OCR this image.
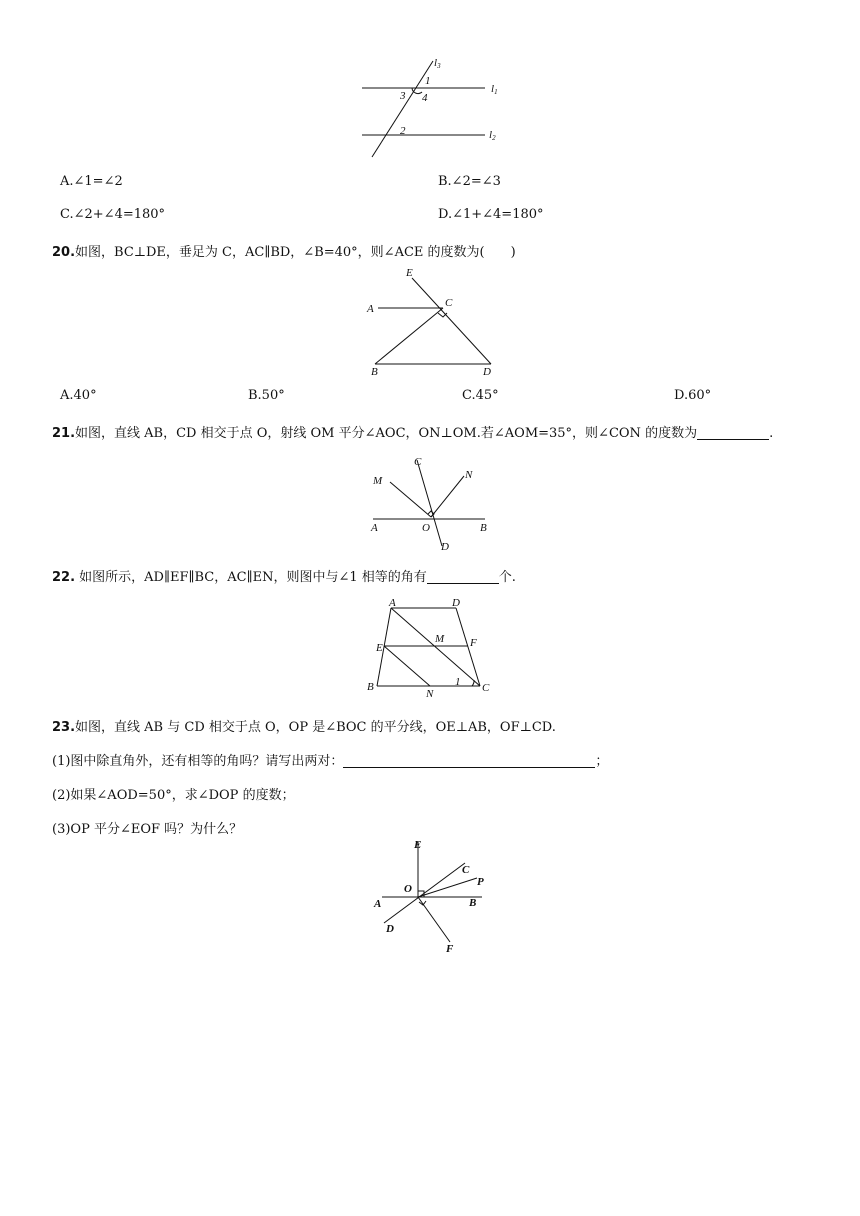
l3
1
3 4
l1
2	l2
A.∠1=∠2	B.∠2=∠3
C.∠2+∠4=180°	D.∠1+∠4=180°
20.如图，BC⊥DE，垂足为 C，AC∥BD，∠B=40°，则∠ACE 的度数为(　　)
E
A	C
B	D
A.40°	B.50°	C.45°	D.60°
21.如图，直线 AB，CD 相交于点 O，射线 OM 平分∠AOC，ON⊥OM.若∠AOM=35°，则∠CON 的度数为	.
M
C
N
A	O	B
D
22. 如图所示，AD∥EF∥BC，AC∥EN，则图中与∠1 相等的角有	个.
A	D
M F
E
B
N
1 C
23.如图，直线 AB 与 CD 相交于点 O，OP 是∠BOC 的平分线，OE⊥AB，OF⊥CD.
(1)图中除直角外，还有相等的角吗？请写出两对：	；
(2)如果∠AOD=50°，求∠DOP 的度数；
(3)OP 平分∠EOF 吗？为什么？
E
C
P
O
A	B
D
F
